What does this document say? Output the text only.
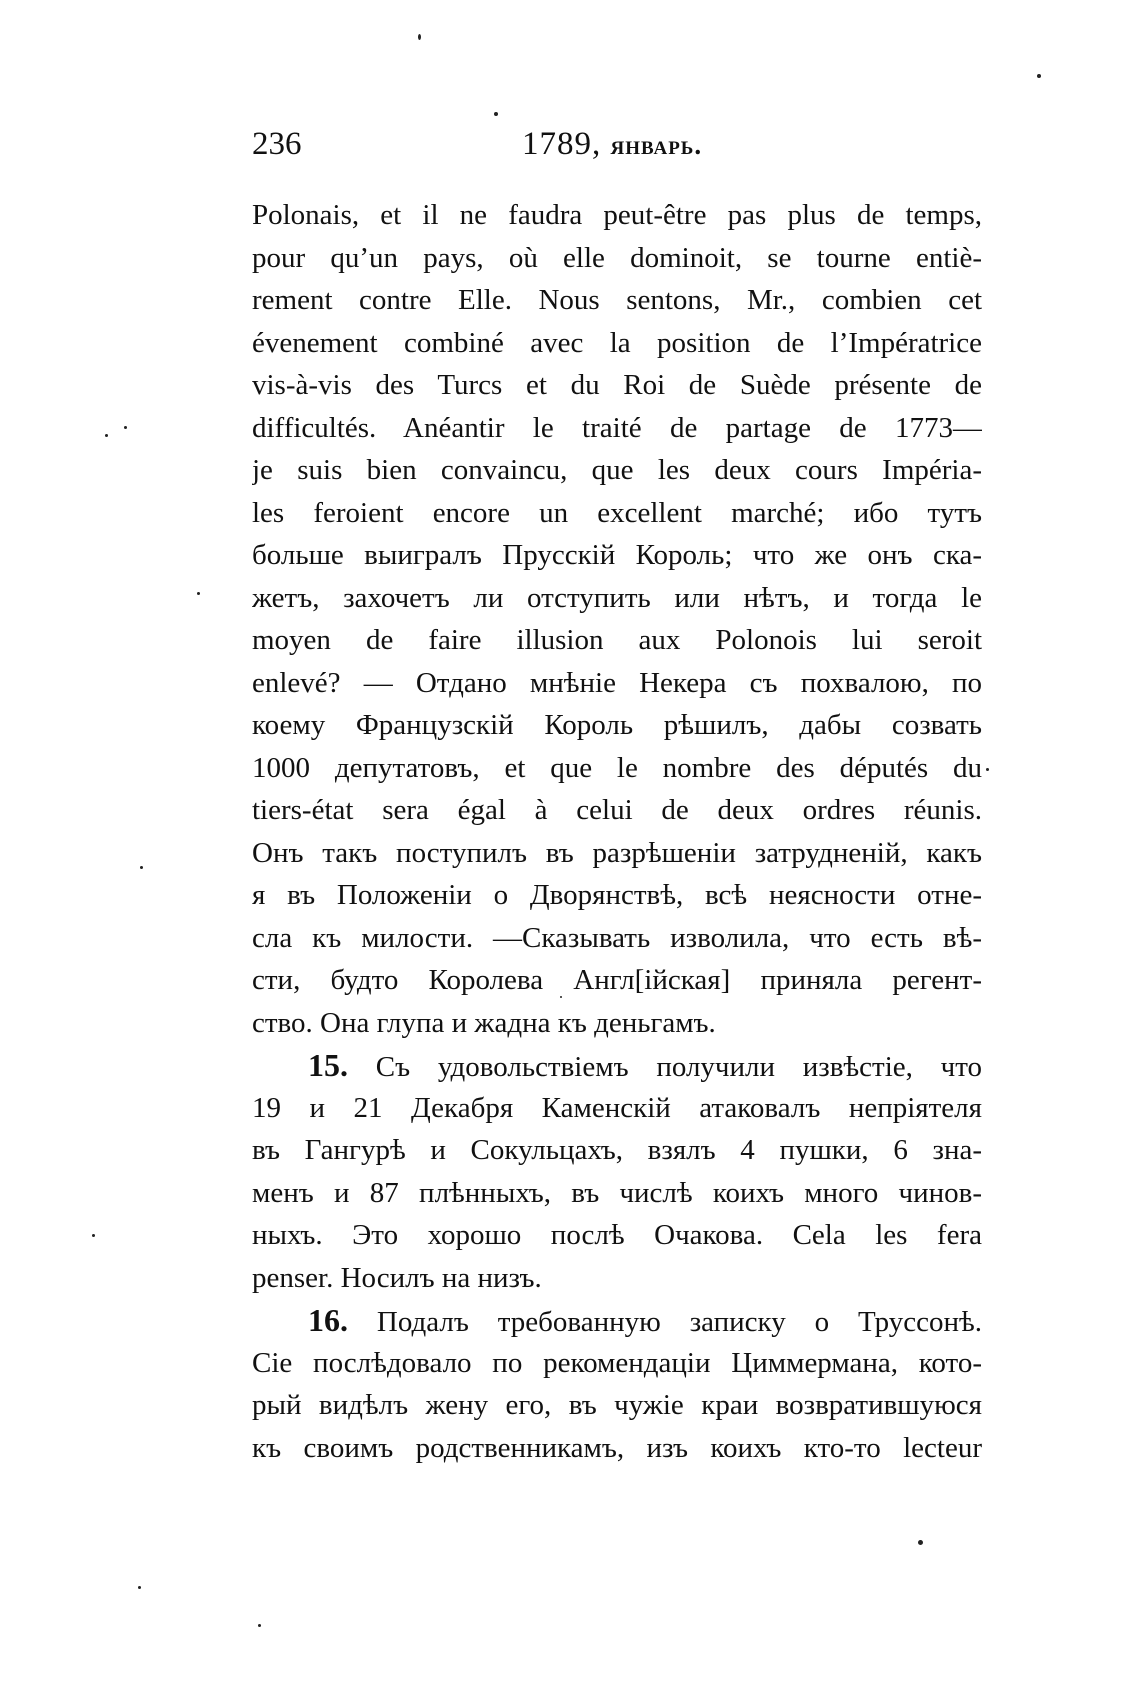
236	1789, январь.
Polonais, et il ne faudra peut-être pas plus de temps,
pour qu’un pays, où elle dominoit, se tourne entiè-
rement contre Elle. Nous sentons, Mr., combien cet
évenement combiné avec la position de l’Impératrice
vis-à-vis des Turcs et du Roi de Suède présente de
difficultés. Anéantir le traité de partage de 1773—
je suis bien convaincu, que les deux cours Impéria-
les feroient encore un excellent marché; ибо тутъ
больше выигралъ Прусскій Король; что же онъ ска-
жетъ, захочетъ ли отступить или нѣтъ, и тогда le
moyen de faire illusion aux Polonois lui seroit
enlevé? — Отдано мнѣніе Некера съ похвалою, по
коему Французскій Король рѣшилъ, дабы созвать
1000 депутатовъ, et que le nombre des députés du
tiers-état sera égal à celui de deux ordres réunis.
Онъ такъ поступилъ въ разрѣшеніи затрудненій, какъ
я въ Положеніи о Дворянствѣ, всѣ неясности отне-
сла къ милости. —Сказывать изволила, что есть вѣ-
сти, будто Королева Англ[ійская] приняла регент-
ство. Она глупа и жадна къ деньгамъ.
15. Съ удовольствіемъ получили извѣстіе, что
19 и 21 Декабря Каменскій атаковалъ непріятеля
въ Гангурѣ и Сокульцахъ, взялъ 4 пушки, 6 зна-
менъ и 87 плѣнныхъ, въ числѣ коихъ много чинов-
ныхъ. Это хорошо послѣ Очакова. Cela les fera
penser. Носилъ на низъ.
16. Подалъ требованную записку о Труссонѣ.
Сіе послѣдовало по рекомендаціи Циммермана, кото-
рый видѣлъ жену его, въ чужіе краи возвратившуюся
къ своимъ родственникамъ, изъ коихъ кто-то lecteur
